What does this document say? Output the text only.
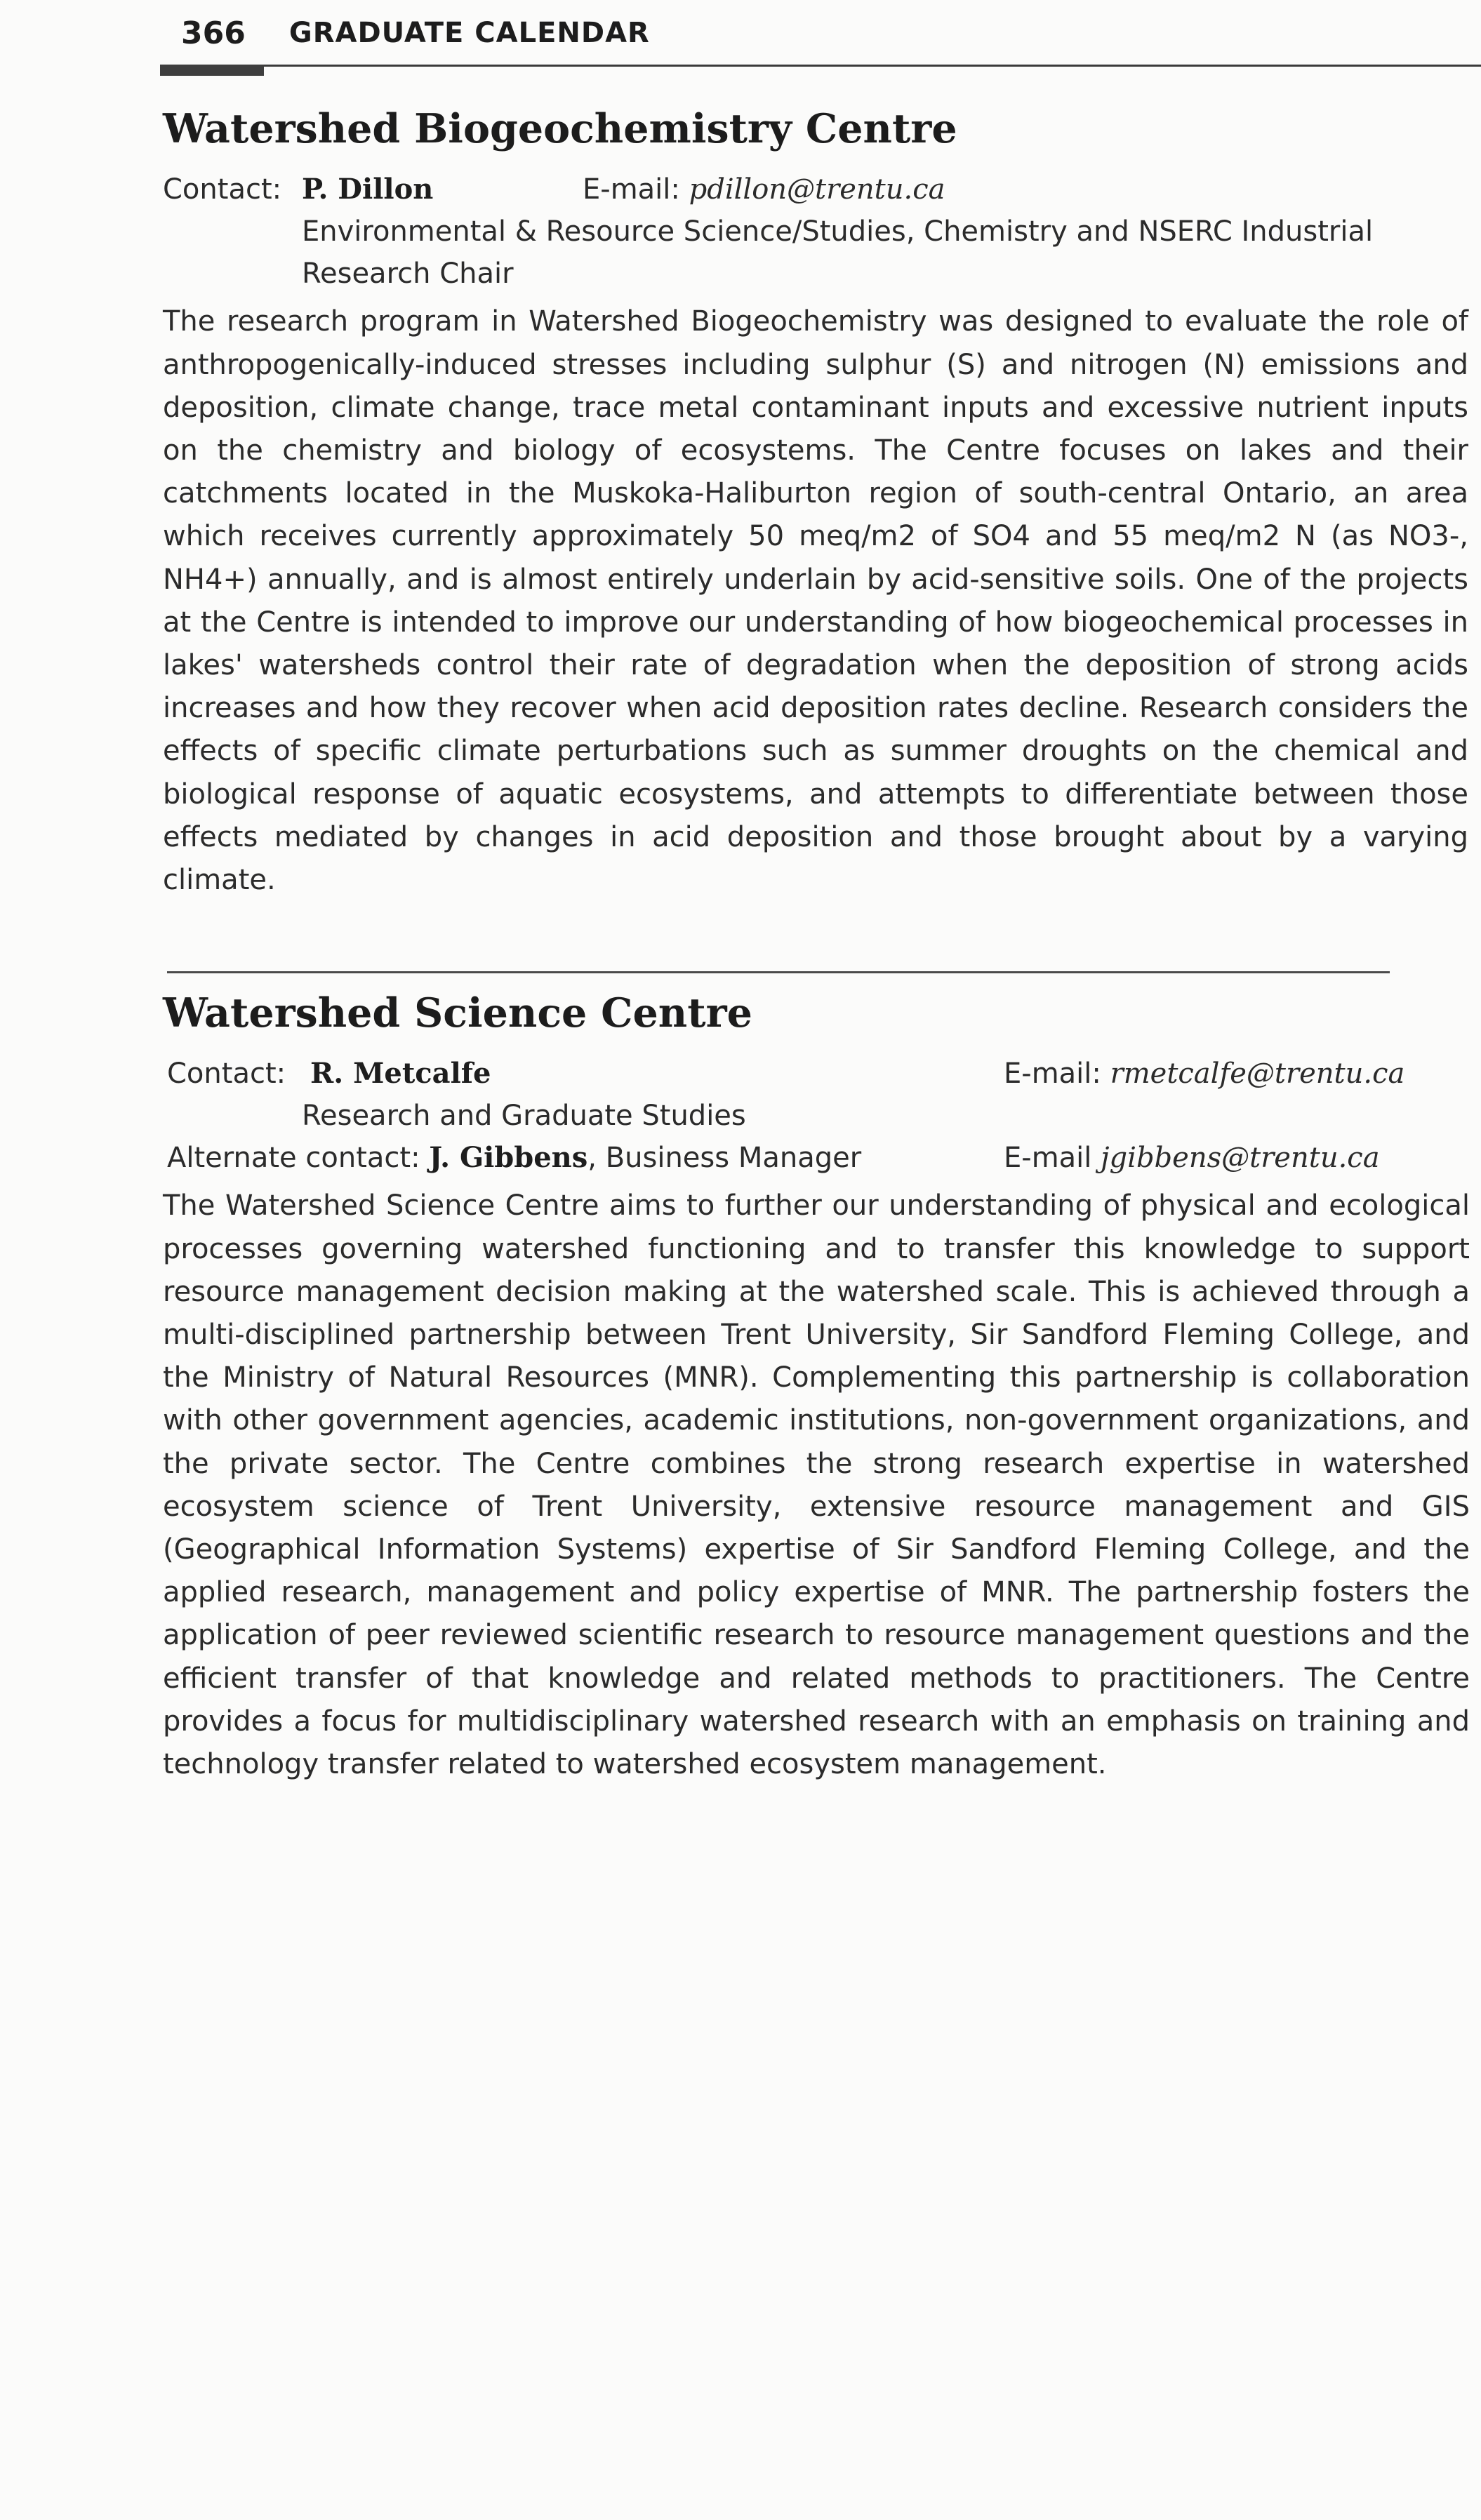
366 GRADUATE CALENDAR
Watershed Biogeochemistry Centre
Contact: P. Dillon	E-mail: pdillon@trentu.ca
Environmental & Resource Science/Studies, Chemistry and NSERC Industrial
Research Chair

The research program in Watershed Biogeochemistry was designed to evaluate the role of anthropogenically-induced stresses including sulphur (S) and nitrogen (N) emissions and deposition, climate change, trace metal contaminant inputs and excessive nutrient inputs on the chemistry and biology of ecosystems. The Centre focuses on lakes and their catchments located in the Muskoka-Haliburton region of south-central Ontario, an area which receives currently approximately 50 meq/m2 of SO4 and 55 meq/m2 N (as NO3-, NH4+) annually, and is almost entirely underlain by acid-sensitive soils. One of the projects at the Centre is intended to improve our understanding of how biogeochemical processes in lakes' watersheds control their rate of degradation when the deposition of strong acids increases and how they recover when acid deposition rates decline. Research considers the effects of specific climate perturbations such as summer droughts on the chemical and biological response of aquatic ecosystems, and attempts to differentiate between those effects mediated by changes in acid deposition and those brought about by a varying climate.

Watershed Science Centre
Contact: R. Metcalfe	E-mail: rmetcalfe@trentu.ca
Research and Graduate Studies
Alternate contact: J. Gibbens, Business Manager	E-mail jgibbens@trentu.ca

The Watershed Science Centre aims to further our understanding of physical and ecological processes governing watershed functioning and to transfer this knowledge to support resource management decision making at the watershed scale. This is achieved through a multi-disciplined partnership between Trent University, Sir Sandford Fleming College, and the Ministry of Natural Resources (MNR). Complementing this partnership is collaboration with other government agencies, academic institutions, non-government organizations, and the private sector. The Centre combines the strong research expertise in watershed ecosystem science of Trent University, extensive resource management and GIS (Geographical Information Systems) expertise of Sir Sandford Fleming College, and the applied research, management and policy expertise of MNR. The partnership fosters the application of peer reviewed scientific research to resource management questions and the efficient transfer of that knowledge and related methods to practitioners. The Centre provides a focus for multidisciplinary watershed research with an emphasis on training and technology transfer related to watershed ecosystem management.
